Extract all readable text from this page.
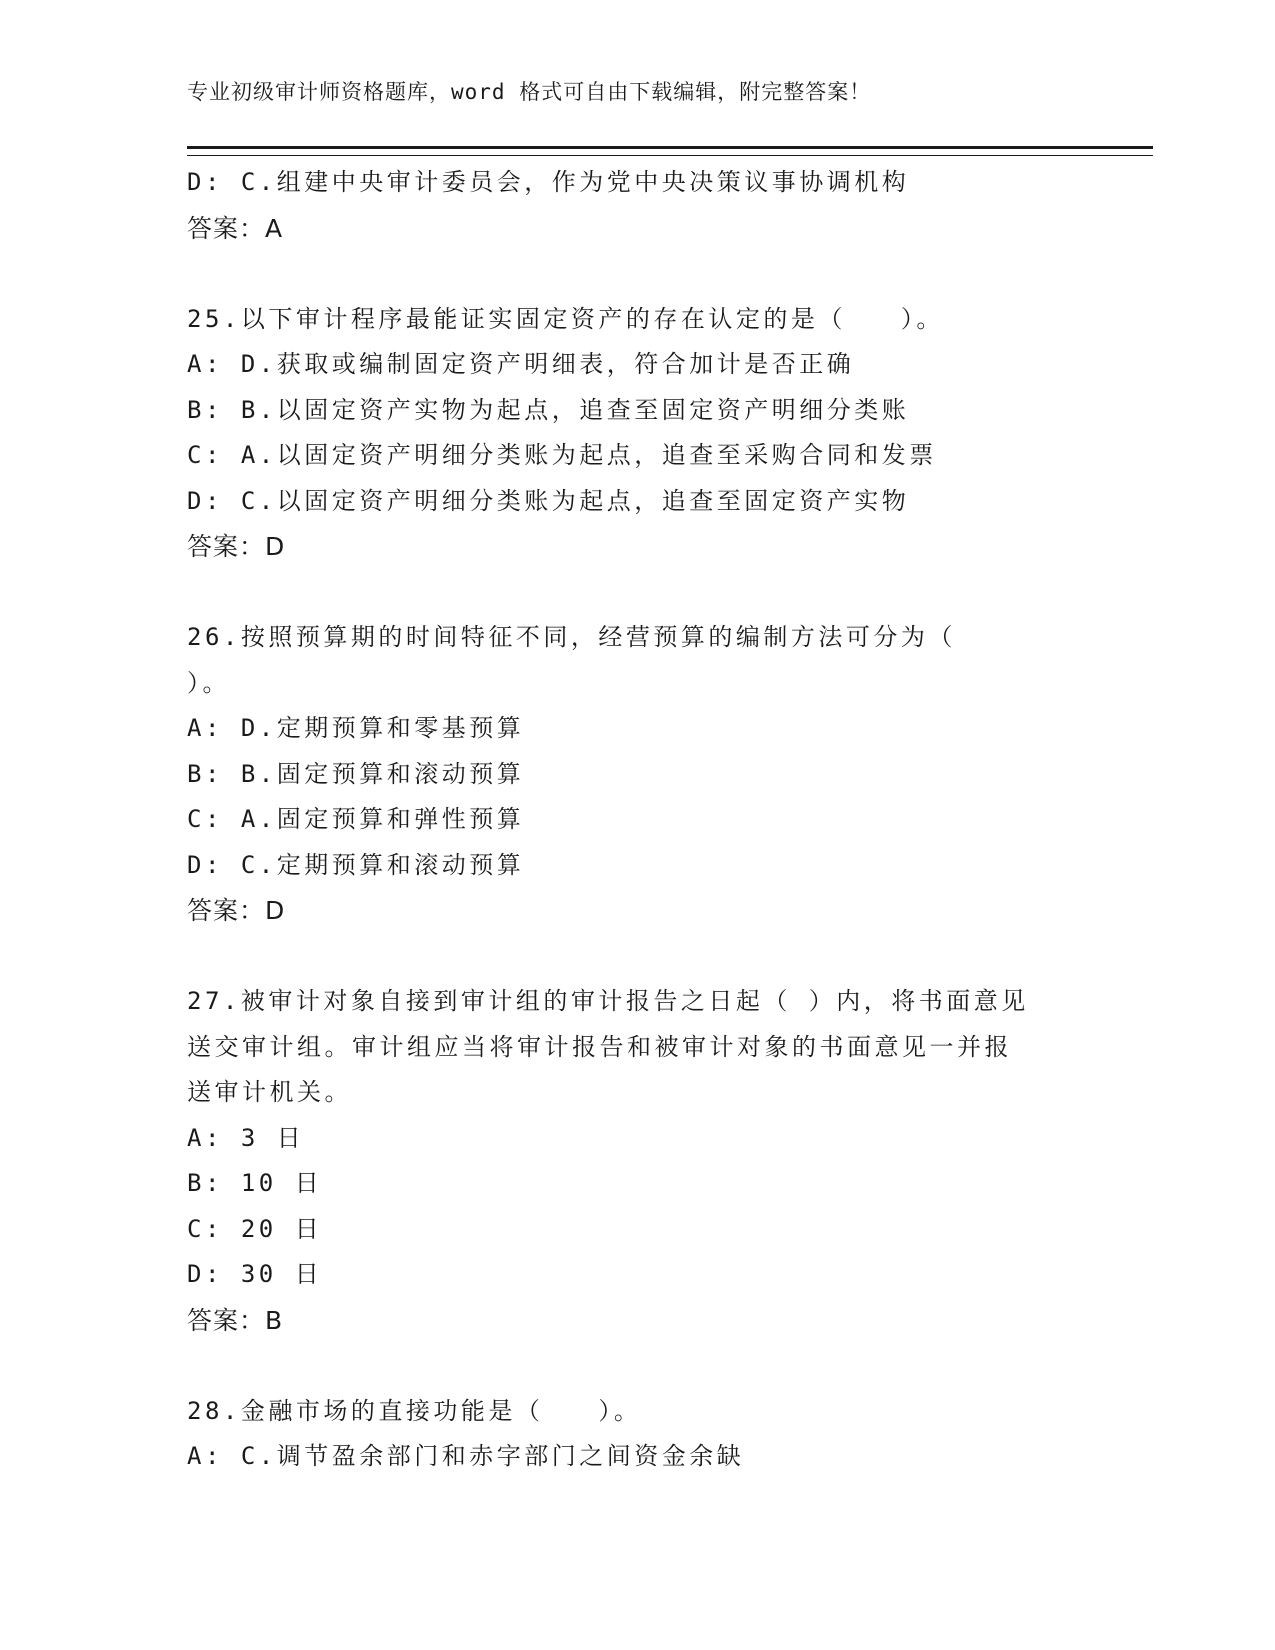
专业初级审计师资格题库，word 格式可自由下载编辑，附完整答案！
D: C.组建中央审计委员会，作为党中央决策议事协调机构
答案：A
25.以下审计程序最能证实固定资产的存在认定的是（　　）。
A: D.获取或编制固定资产明细表，符合加计是否正确
B: B.以固定资产实物为起点，追查至固定资产明细分类账
C: A.以固定资产明细分类账为起点，追查至采购合同和发票
D: C.以固定资产明细分类账为起点，追查至固定资产实物
答案：D
26.按照预算期的时间特征不同，经营预算的编制方法可分为（
）。
A: D.定期预算和零基预算
B: B.固定预算和滚动预算
C: A.固定预算和弹性预算
D: C.定期预算和滚动预算
答案：D
27.被审计对象自接到审计组的审计报告之日起（ ）内，将书面意见
送交审计组。审计组应当将审计报告和被审计对象的书面意见一并报
送审计机关。
A: 3 日
B: 10 日
C: 20 日
D: 30 日
答案：B
28.金融市场的直接功能是（　　）。
A: C.调节盈余部门和赤字部门之间资金余缺
